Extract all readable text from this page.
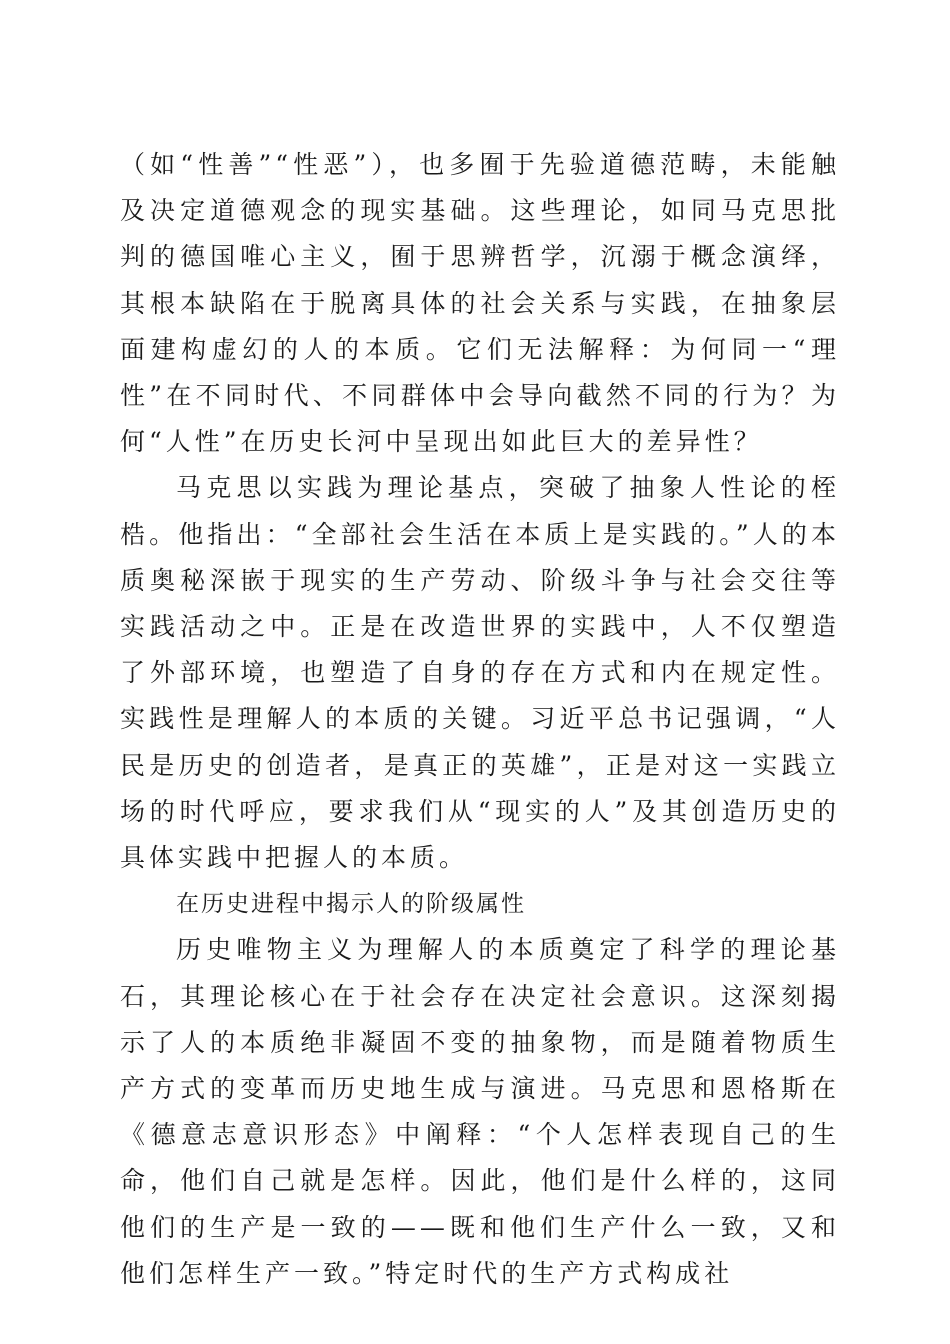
（如“性善”“性恶”），也多囿于先验道德范畴，未能触及决定道德观念的现实基础。这些理论，如同马克思批判的德国唯心主义，囿于思辨哲学，沉溺于概念演绎，其根本缺陷在于脱离具体的社会关系与实践，在抽象层面建构虚幻的人的本质。它们无法解释：为何同一“理性”在不同时代、不同群体中会导向截然不同的行为？为何“人性”在历史长河中呈现出如此巨大的差异性？

马克思以实践为理论基点，突破了抽象人性论的桎梏。他指出：“全部社会生活在本质上是实践的。”人的本质奥秘深嵌于现实的生产劳动、阶级斗争与社会交往等实践活动之中。正是在改造世界的实践中，人不仅塑造了外部环境，也塑造了自身的存在方式和内在规定性。实践性是理解人的本质的关键。习近平总书记强调，“人民是历史的创造者，是真正的英雄”，正是对这一实践立场的时代呼应，要求我们从“现实的人”及其创造历史的具体实践中把握人的本质。

在历史进程中揭示人的阶级属性

历史唯物主义为理解人的本质奠定了科学的理论基石，其理论核心在于社会存在决定社会意识。这深刻揭示了人的本质绝非凝固不变的抽象物，而是随着物质生产方式的变革而历史地生成与演进。马克思和恩格斯在《德意志意识形态》中阐释：“个人怎样表现自己的生命，他们自己就是怎样。因此，他们是什么样的，这同他们的生产是一致的——既和他们生产什么一致，又和他们怎样生产一致。”特定时代的生产方式构成社
